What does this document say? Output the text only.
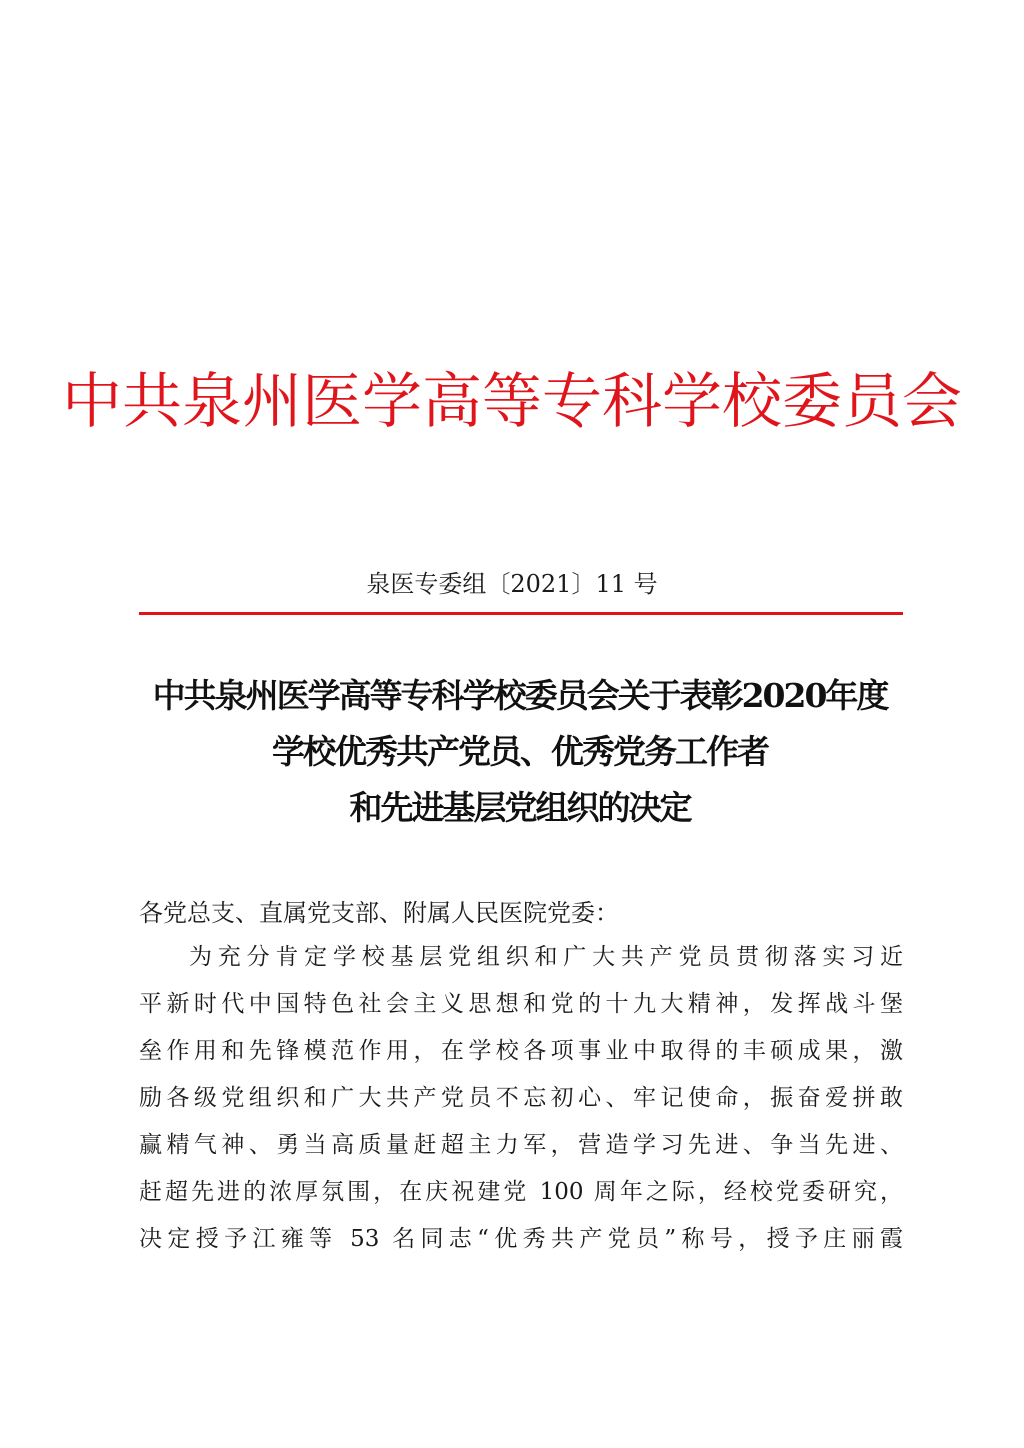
中共泉州医学高等专科学校委员会
泉医专委组〔2021〕11 号
中共泉州医学高等专科学校委员会关于表彰2020年度
学校优秀共产党员、优秀党务工作者
和先进基层党组织的决定
各党总支、直属党支部、附属人民医院党委：
为充分肯定学校基层党组织和广大共产党员贯彻落实习近
平新时代中国特色社会主义思想和党的十九大精神，发挥战斗堡
垒作用和先锋模范作用，在学校各项事业中取得的丰硕成果，激
励各级党组织和广大共产党员不忘初心、牢记使命，振奋爱拼敢
赢精气神、勇当高质量赶超主力军，营造学习先进、争当先进、
赶超先进的浓厚氛围，在庆祝建党 100 周年之际，经校党委研究，
决定授予江雍等 53 名同志“优秀共产党员”称号，授予庄丽霞
